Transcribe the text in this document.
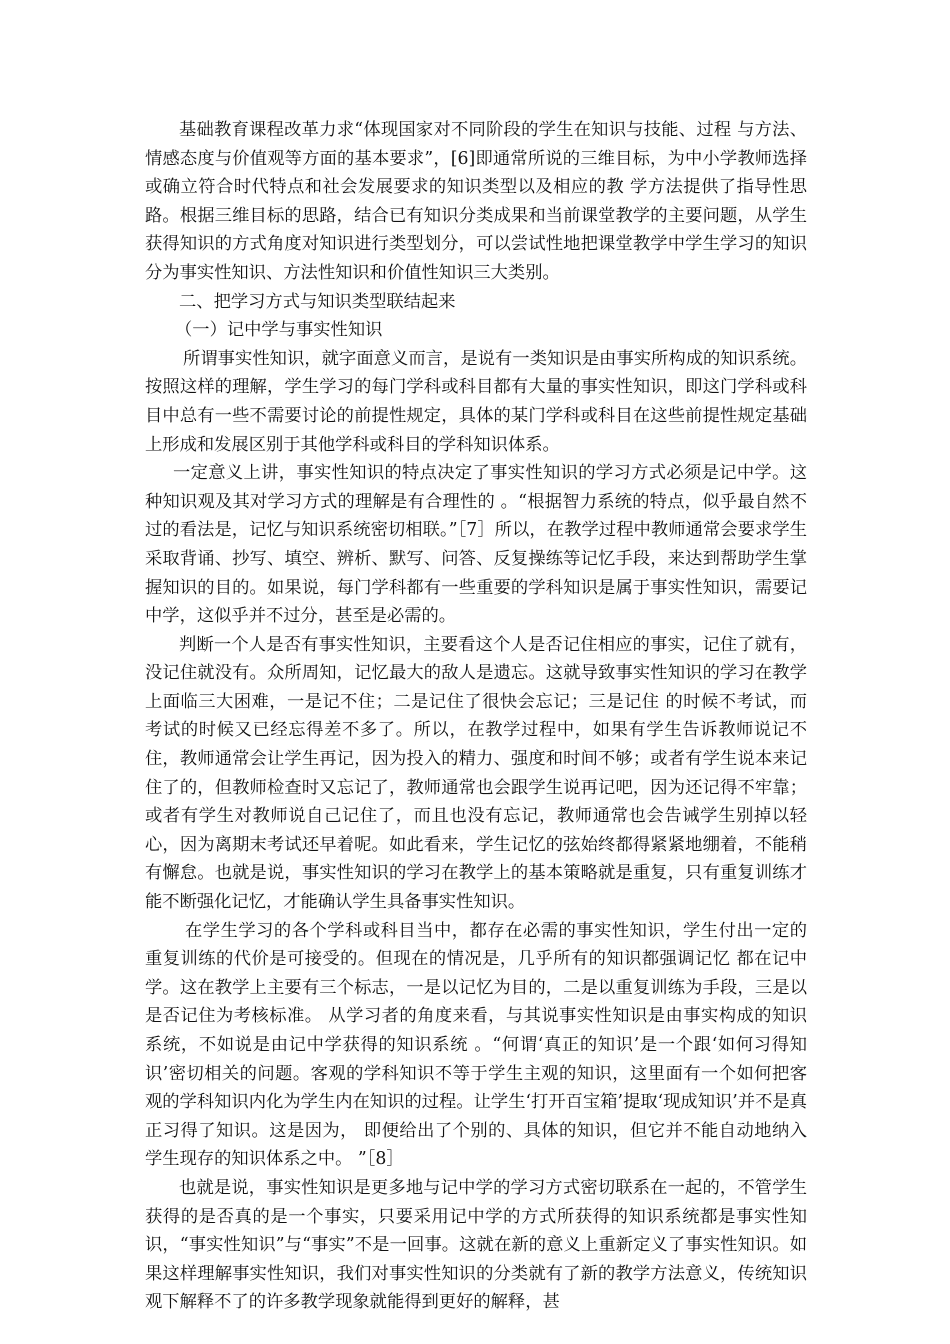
基础教育课程改革力求“体现国家对不同阶段的学生在知识与技能、过程 与方法、情感态度与价值观等方面的基本要求”，[6]即通常所说的三维目标，为中小学教师选择或确立符合时代特点和社会发展要求的知识类型以及相应的教 学方法提供了指导性思路。根据三维目标的思路，结合已有知识分类成果和当前课堂教学的主要问题，从学生获得知识的方式角度对知识进行类型划分，可以尝试性地把课堂教学中学生学习的知识分为事实性知识、方法性知识和价值性知识三大类别。

二、把学习方式与知识类型联结起来

（一）记中学与事实性知识

所谓事实性知识，就字面意义而言，是说有一类知识是由事实所构成的知识系统。按照这样的理解，学生学习的每门学科或科目都有大量的事实性知识，即这门学科或科目中总有一些不需要讨论的前提性规定，具体的某门学科或科目在这些前提性规定基础上形成和发展区别于其他学科或科目的学科知识体系。

一定意义上讲，事实性知识的特点决定了事实性知识的学习方式必须是记中学。这种知识观及其对学习方式的理解是有合理性的 。“根据智力系统的特点，似乎最自然不过的看法是，记忆与知识系统密切相联。”［7］所以，在教学过程中教师通常会要求学生采取背诵、抄写、填空、辨析、默写、问答、反复操练等记忆手段，来达到帮助学生掌握知识的目的。如果说，每门学科都有一些重要的学科知识是属于事实性知识，需要记中学，这似乎并不过分，甚至是必需的。

判断一个人是否有事实性知识，主要看这个人是否记住相应的事实，记住了就有，没记住就没有。众所周知，记忆最大的敌人是遗忘。这就导致事实性知识的学习在教学上面临三大困难，一是记不住；二是记住了很快会忘记；三是记住 的时候不考试，而考试的时候又已经忘得差不多了。所以，在教学过程中，如果有学生告诉教师说记不住，教师通常会让学生再记，因为投入的精力、强度和时间不够；或者有学生说本来记住了的，但教师检查时又忘记了，教师通常也会跟学生说再记吧，因为还记得不牢靠；或者有学生对教师说自己记住了，而且也没有忘记，教师通常也会告诫学生别掉以轻心，因为离期末考试还早着呢。如此看来，学生记忆的弦始终都得紧紧地绷着，不能稍有懈怠。也就是说，事实性知识的学习在教学上的基本策略就是重复，只有重复训练才能不断强化记忆，才能确认学生具备事实性知识。

在学生学习的各个学科或科目当中，都存在必需的事实性知识，学生付出一定的重复训练的代价是可接受的。但现在的情况是，几乎所有的知识都强调记忆 都在记中学。这在教学上主要有三个标志，一是以记忆为目的，二是以重复训练为手段，三是以是否记住为考核标准。 从学习者的角度来看，与其说事实性知识是由事实构成的知识系统，不如说是由记中学获得的知识系统 。“何谓‘真正的知识’是一个跟‘如何习得知识’密切相关的问题。客观的学科知识不等于学生主观的知识，这里面有一个如何把客观的学科知识内化为学生内在知识的过程。让学生‘打开百宝箱’提取‘现成知识’并不是真正习得了知识。这是因为， 即便给出了个别的、具体的知识，但它并不能自动地纳入学生现存的知识体系之中。 ”［8］

也就是说，事实性知识是更多地与记中学的学习方式密切联系在一起的，不管学生获得的是否真的是一个事实，只要采用记中学的方式所获得的知识系统都是事实性知识，“事实性知识”与“事实”不是一回事。这就在新的意义上重新定义了事实性知识。如果这样理解事实性知识，我们对事实性知识的分类就有了新的教学方法意义，传统知识观下解释不了的许多教学现象就能得到更好的解释，甚
